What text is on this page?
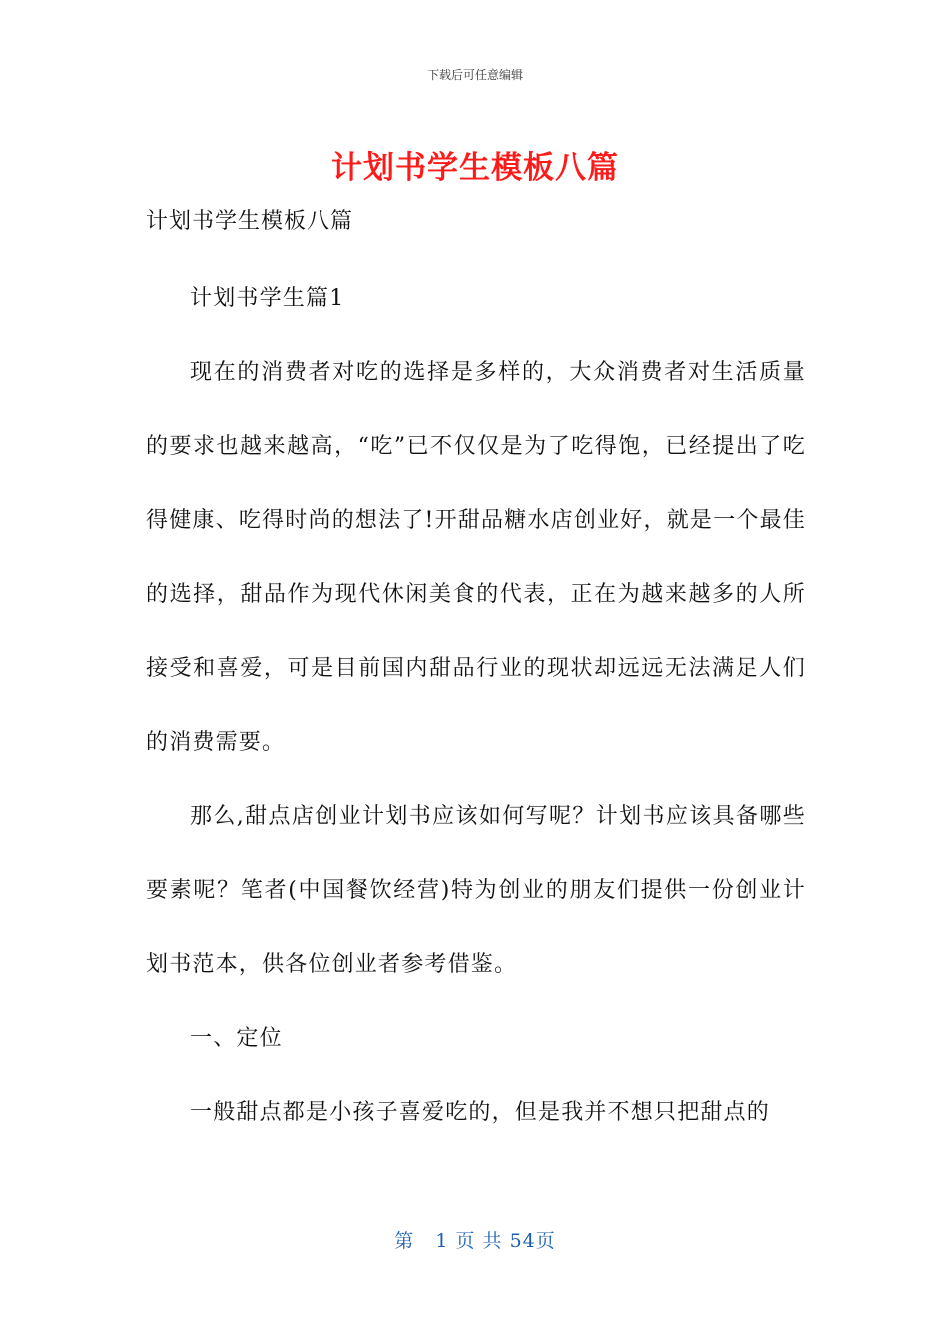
下载后可任意编辑
计划书学生模板八篇
计划书学生模板八篇

计划书学生篇1

现在的消费者对吃的选择是多样的，大众消费者对生活质量的要求也越来越高，“吃”已不仅仅是为了吃得饱，已经提出了吃得健康、吃得时尚的想法了!开甜品糖水店创业好，就是一个最佳的选择，甜品作为现代休闲美食的代表，正在为越来越多的人所接受和喜爱，可是目前国内甜品行业的现状却远远无法满足人们的消费需要。

那么,甜点店创业计划书应该如何写呢？计划书应该具备哪些要素呢？笔者(中国餐饮经营)特为创业的朋友们提供一份创业计划书范本，供各位创业者参考借鉴。

一、定位

一般甜点都是小孩子喜爱吃的，但是我并不想只把甜点的

第 1 页 共 54页
